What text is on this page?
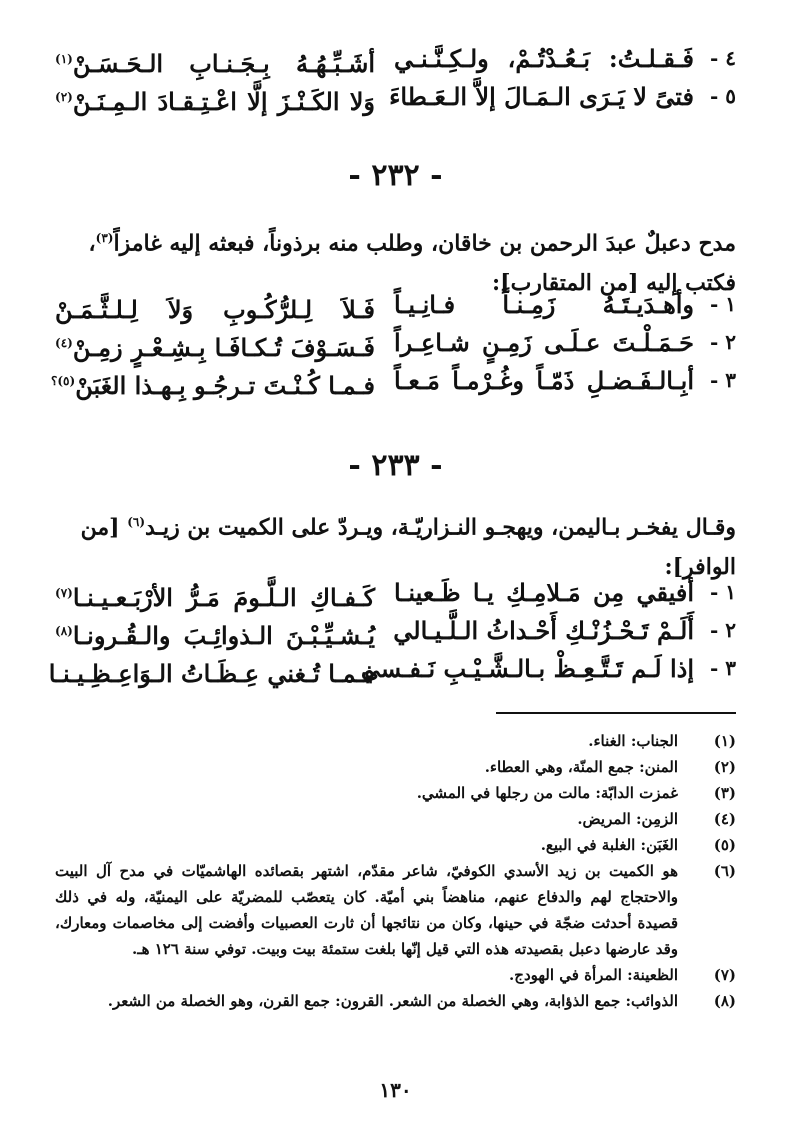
٤ -
فَـقـلـتُ: بَـعُـدْتُـمْ، ولـكِـنَّـنـي
أشَـبِّـهُـهُ بِـجَـنـابِ الـحَـسَـنْ$^{(١)}$
٥ -
فتىً لا يَـرَى الـمَـالَ إلاَّ الـعَـطاءَ
وَلا الكَـنْـزَ إلَّا اعْـتِـقـادَ الـمِـنَـنْ$^{(٢)}$
- ٢٣٢ -
مدح دعبلٌ عبدَ الرحمن بن خاقان، وطلب منه برذوناً، فبعثه إليه غامزاً$^{(٣)}$،
فكتب إليه [من المتقارب]:
١ -
وأهـدَيـتَـهُ زَمِـنـاً فـانِـيـاً
فَـلاَ لِـلرُّكُـوبِ وَلاَ لِـلـثَّـمَـنْ
٢ -
حَـمَـلْـتَ عـلَـى زَمِـنٍ شـاعِـراً
فَـسَـوْفَ تُـكـافَـا بِـشِـعْـرٍ زمِـنْ$^{(٤)}$
٣ -
أبِـالـفَـضـلِ ذَمّـاً وغُـرْمـاً مَـعـاً
فـمـا كُـنْـتَ تـرجُـو بِـهـذا الغَبَنْ$^{(٥)؟}$
- ٢٣٣ -
وقـال يفخـر بـاليمن، ويهجـو النـزاريّـة، ويـردّ على الكميت بن زيـد$^{(٦)}$ [من
الوافر]:
١ -
أفيقي مِن مَـلامِـكِ يـا ظَـعينـا
كَـفـاكِ الـلَّـومَ مَـرُّ الأرْبَـعـيـنـا$^{(٧)}$
٢ -
أَلَـمْ تَـحْـزُنْـكِ أَحْـداثُ الـلَّـيـالي
يُـشـيِّـبْـنَ الـذوائِـبَ والـقُـرونـا$^{(٨)}$
٣ -
إذا لَـم تَـتَّـعِـظْ بـالـشَّـيْـبِ نَـفـسي
فـمـا تُـغني عِـظَـاتُ الـوَاعِـظِـيـنـا
(١)
الجناب: الغناء.
(٢)
المنن: جمع المنّة، وهي العطاء.
(٣)
غمزت الدابّة: مالت من رجلها في المشي.
(٤)
الزمِن: المريض.
(٥)
الغَبَن: الغلبة في البيع.
(٦)
هو الكميت بن زيد الأسدي الكوفيّ، شاعر مقدّم، اشتهر بقصائده الهاشميّات في مدح آل البيت والاحتجاج لهم والدفاع عنهم، مناهضاً بني أميّة. كان يتعصّب للمضريّة على اليمنيّة، وله في ذلك قصيدة أحدثت ضجّة في حينها، وكان من نتائجها أن ثارت العصبيات وأفضت إلى مخاصمات ومعارك، وقد عارضها دعبل بقصيدته هذه التي قيل إنّها بلغت ستمئة بيت وبيت. توفي سنة ١٢٦ هـ.
(٧)
الظعينة: المرأة في الهودج.
(٨)
الذوائب: جمع الذؤابة، وهي الخصلة من الشعر. القرون: جمع القرن، وهو الخصلة من الشعر.
١٣٠
